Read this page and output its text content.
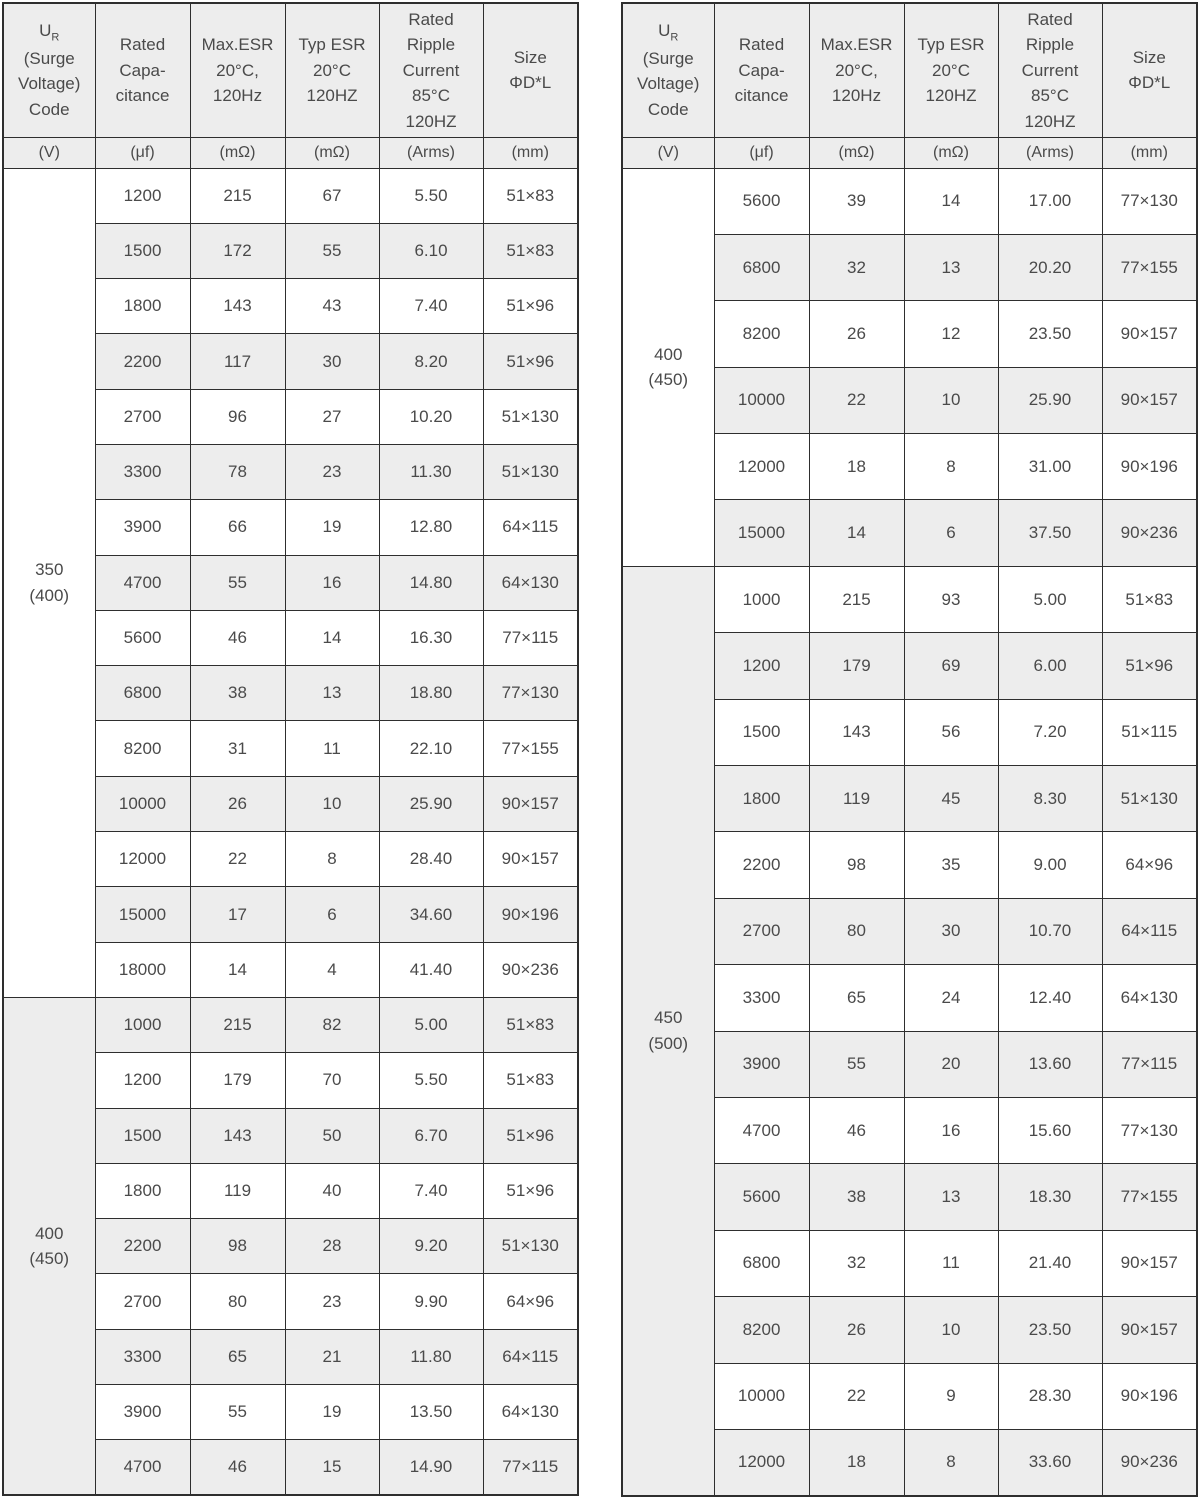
$U_R$
(Surge
Voltage)
Code	Rated
Capa-
citance	Max.ESR
20°C,
120Hz	Typ ESR
20°C
120HZ	Rated
Ripple
Current
85°C
120HZ	Size
ΦD*L
(V)	(μf)	(mΩ)	(mΩ)	(Arms)	(mm)
350
(400)	1200	215	67	5.50	51×83
	1500	172	55	6.10	51×83
	1800	143	43	7.40	51×96
	2200	117	30	8.20	51×96
	2700	96	27	10.20	51×130
	3300	78	23	11.30	51×130
	3900	66	19	12.80	64×115
	4700	55	16	14.80	64×130
	5600	46	14	16.30	77×115
	6800	38	13	18.80	77×130
	8200	31	11	22.10	77×155
	10000	26	10	25.90	90×157
	12000	22	8	28.40	90×157
	15000	17	6	34.60	90×196
	18000	14	4	41.40	90×236
400
(450)	1000	215	82	5.00	51×83
	1200	179	70	5.50	51×83
	1500	143	50	6.70	51×96
	1800	119	40	7.40	51×96
	2200	98	28	9.20	51×130
	2700	80	23	9.90	64×96
	3300	65	21	11.80	64×115
	3900	55	19	13.50	64×130
	4700	46	15	14.90	77×115
$U_R$
(Surge
Voltage)
Code	Rated
Capa-
citance	Max.ESR
20°C,
120Hz	Typ ESR
20°C
120HZ	Rated
Ripple
Current
85°C
120HZ	Size
ΦD*L
(V)	(μf)	(mΩ)	(mΩ)	(Arms)	(mm)
400
(450)	5600	39	14	17.00	77×130
	6800	32	13	20.20	77×155
	8200	26	12	23.50	90×157
	10000	22	10	25.90	90×157
	12000	18	8	31.00	90×196
	15000	14	6	37.50	90×236
450
(500)	1000	215	93	5.00	51×83
	1200	179	69	6.00	51×96
	1500	143	56	7.20	51×115
	1800	119	45	8.30	51×130
	2200	98	35	9.00	64×96
	2700	80	30	10.70	64×115
	3300	65	24	12.40	64×130
	3900	55	20	13.60	77×115
	4700	46	16	15.60	77×130
	5600	38	13	18.30	77×155
	6800	32	11	21.40	90×157
	8200	26	10	23.50	90×157
	10000	22	9	28.30	90×196
	12000	18	8	33.60	90×236
